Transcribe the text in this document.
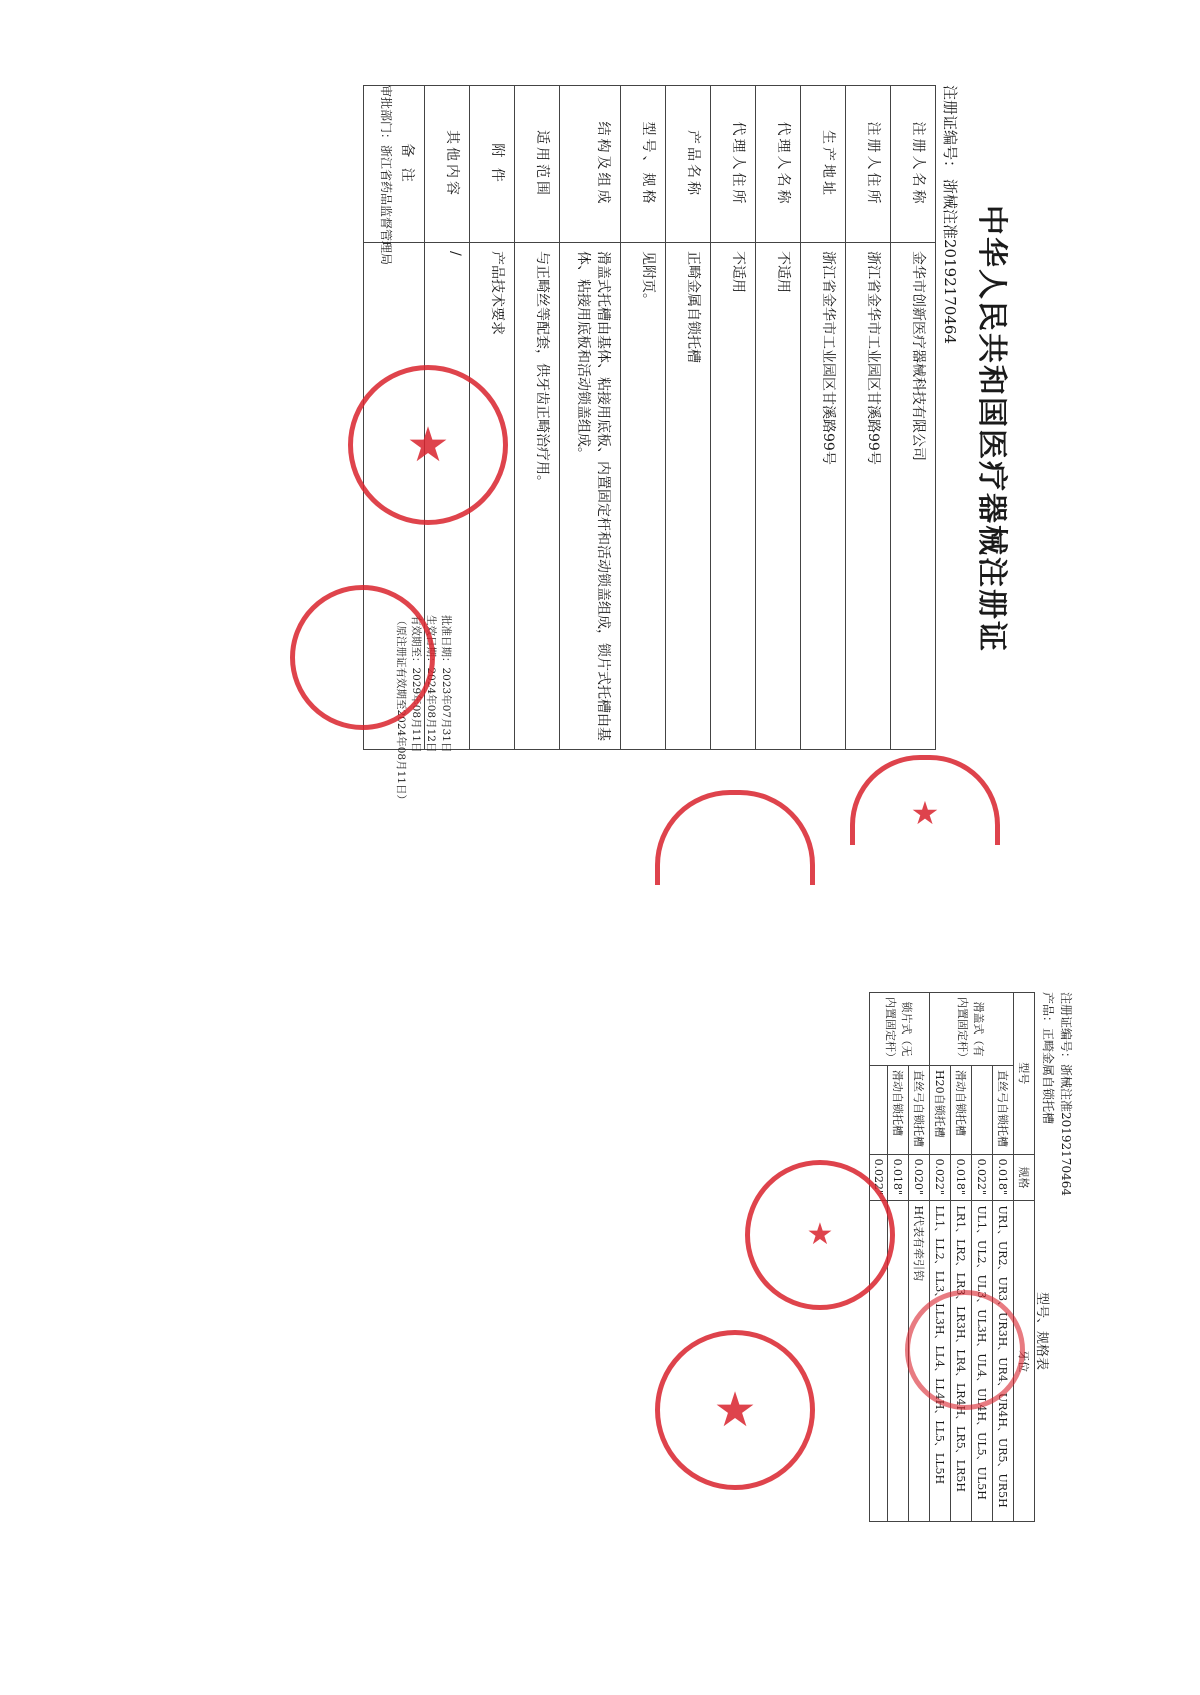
中华人民共和国医疗器械注册证
注册证编号：浙械注准20192170464
注册人名称	金华市创新医疗器械科技有限公司
注册人住所	浙江省金华市工业园区甘溪路99号
生产地址	浙江省金华市工业园区甘溪路99号
代理人名称	不适用
代理人住所	不适用
产品名称	正畸金属自锁托槽
型号、规格	见附页。
结构及组成	滑盖式托槽由基体、粘接用底板、内置固定杆和活动锁盖组成，锁片式托槽由基体、粘接用底板和活动锁盖组成。
适用范围	与正畸丝等配套，供牙齿正畸治疗用。
附 件	产品技术要求
其他内容	/
备 注	
批准日期：2023年07月31日
生效日期：2024年08月12日
有效期至：2029年08月11日
（原注册证有效期至2024年08月11日）
审批部门：浙江省药品监督管理局
注册证编号：浙械注准20192170464
产品：正畸金属自锁托槽
型号、规格表
型号		规格	牙位
滑盖式（有内置固定杆）	直丝弓自锁托槽	0.018"	UR1、UR2、UR3、UR3H、UR4、UR4H、UR5、UR5H
		0.022"	UL1、UL2、UL3、UL3H、UL4、UL4H、UL5、UL5H
	滑动自锁托槽	0.018"	LR1、LR2、LR3、LR3H、LR4、LR4H、LR5、LR5H
	H20自锁托槽	0.022"	LL1、LL2、LL3、LL3H、LL4、LL4H、LL5、LL5H
锁片式（无内置固定杆）	直丝弓自锁托槽	0.020"	H代表有牵引钩
	滑动自锁托槽	0.018"	
		0.022"	
★
★
★
★
